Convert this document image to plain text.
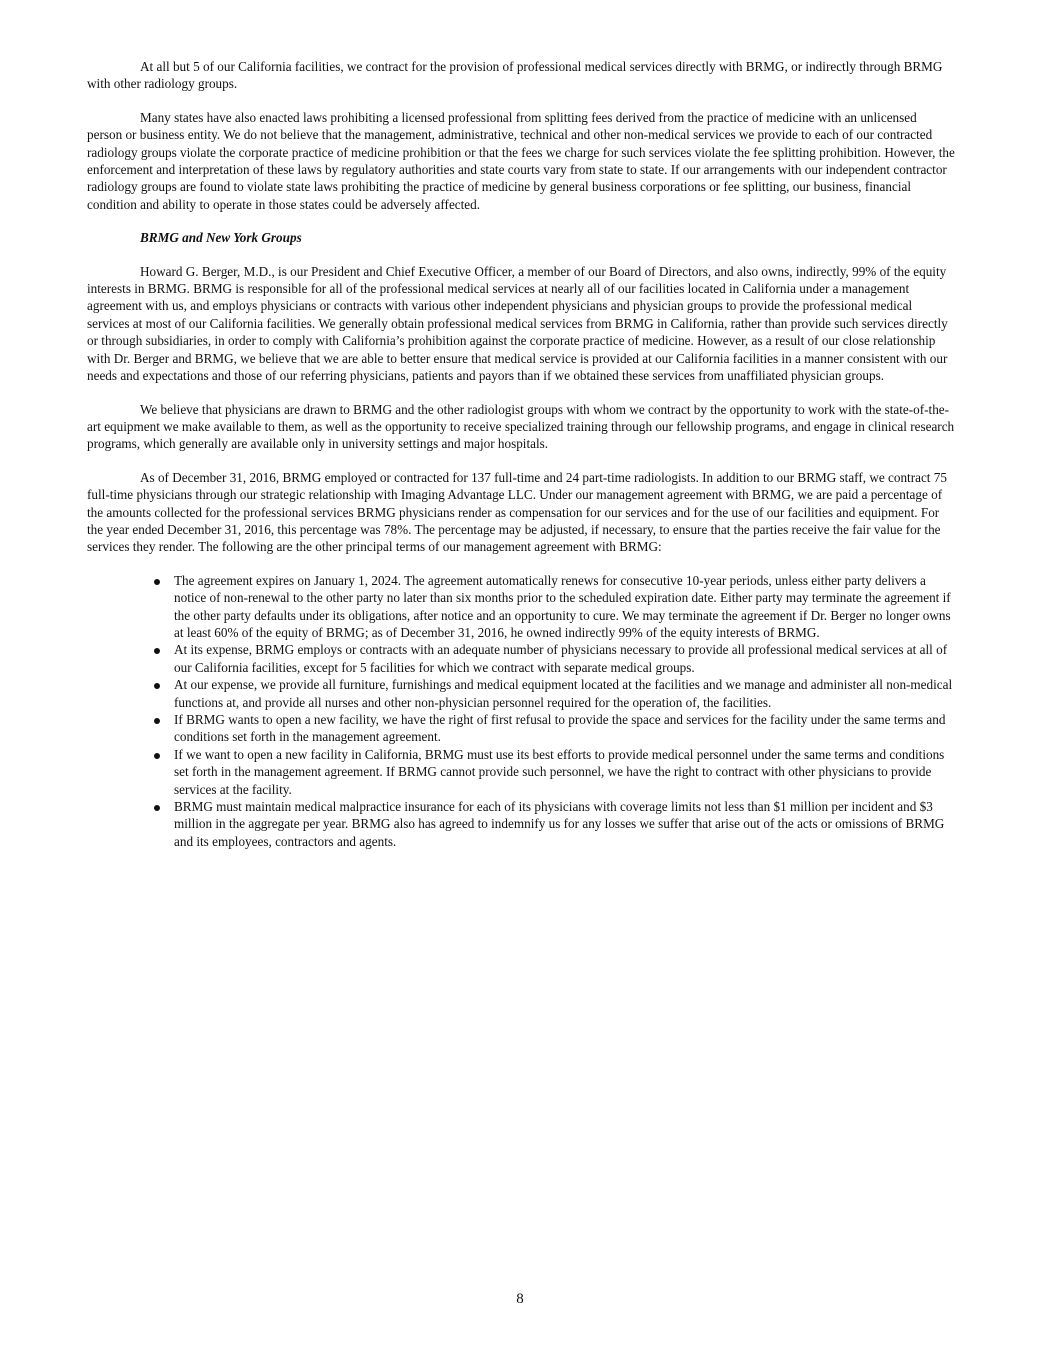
At all but 5 of our California facilities, we contract for the provision of professional medical services directly with BRMG, or indirectly through BRMG with other radiology groups.

Many states have also enacted laws prohibiting a licensed professional from splitting fees derived from the practice of medicine with an unlicensed person or business entity. We do not believe that the management, administrative, technical and other non-medical services we provide to each of our contracted radiology groups violate the corporate practice of medicine prohibition or that the fees we charge for such services violate the fee splitting prohibition. However, the enforcement and interpretation of these laws by regulatory authorities and state courts vary from state to state. If our arrangements with our independent contractor radiology groups are found to violate state laws prohibiting the practice of medicine by general business corporations or fee splitting, our business, financial condition and ability to operate in those states could be adversely affected.

BRMG and New York Groups

Howard G. Berger, M.D., is our President and Chief Executive Officer, a member of our Board of Directors, and also owns, indirectly, 99% of the equity interests in BRMG. BRMG is responsible for all of the professional medical services at nearly all of our facilities located in California under a management agreement with us, and employs physicians or contracts with various other independent physicians and physician groups to provide the professional medical services at most of our California facilities. We generally obtain professional medical services from BRMG in California, rather than provide such services directly or through subsidiaries, in order to comply with California’s prohibition against the corporate practice of medicine. However, as a result of our close relationship with Dr. Berger and BRMG, we believe that we are able to better ensure that medical service is provided at our California facilities in a manner consistent with our needs and expectations and those of our referring physicians, patients and payors than if we obtained these services from unaffiliated physician groups.

We believe that physicians are drawn to BRMG and the other radiologist groups with whom we contract by the opportunity to work with the state-of-the-art equipment we make available to them, as well as the opportunity to receive specialized training through our fellowship programs, and engage in clinical research programs, which generally are available only in university settings and major hospitals.

As of December 31, 2016, BRMG employed or contracted for 137 full-time and 24 part-time radiologists. In addition to our BRMG staff, we contract 75 full-time physicians through our strategic relationship with Imaging Advantage LLC. Under our management agreement with BRMG, we are paid a percentage of the amounts collected for the professional services BRMG physicians render as compensation for our services and for the use of our facilities and equipment. For the year ended December 31, 2016, this percentage was 78%. The percentage may be adjusted, if necessary, to ensure that the parties receive the fair value for the services they render. The following are the other principal terms of our management agreement with BRMG:

The agreement expires on January 1, 2024. The agreement automatically renews for consecutive 10-year periods, unless either party delivers a notice of non-renewal to the other party no later than six months prior to the scheduled expiration date. Either party may terminate the agreement if the other party defaults under its obligations, after notice and an opportunity to cure. We may terminate the agreement if Dr. Berger no longer owns at least 60% of the equity of BRMG; as of December 31, 2016, he owned indirectly 99% of the equity interests of BRMG.
At its expense, BRMG employs or contracts with an adequate number of physicians necessary to provide all professional medical services at all of our California facilities, except for 5 facilities for which we contract with separate medical groups.
At our expense, we provide all furniture, furnishings and medical equipment located at the facilities and we manage and administer all non-medical functions at, and provide all nurses and other non-physician personnel required for the operation of, the facilities.
If BRMG wants to open a new facility, we have the right of first refusal to provide the space and services for the facility under the same terms and conditions set forth in the management agreement.
If we want to open a new facility in California, BRMG must use its best efforts to provide medical personnel under the same terms and conditions set forth in the management agreement. If BRMG cannot provide such personnel, we have the right to contract with other physicians to provide services at the facility.
BRMG must maintain medical malpractice insurance for each of its physicians with coverage limits not less than $1 million per incident and $3 million in the aggregate per year. BRMG also has agreed to indemnify us for any losses we suffer that arise out of the acts or omissions of BRMG and its employees, contractors and agents.
8
